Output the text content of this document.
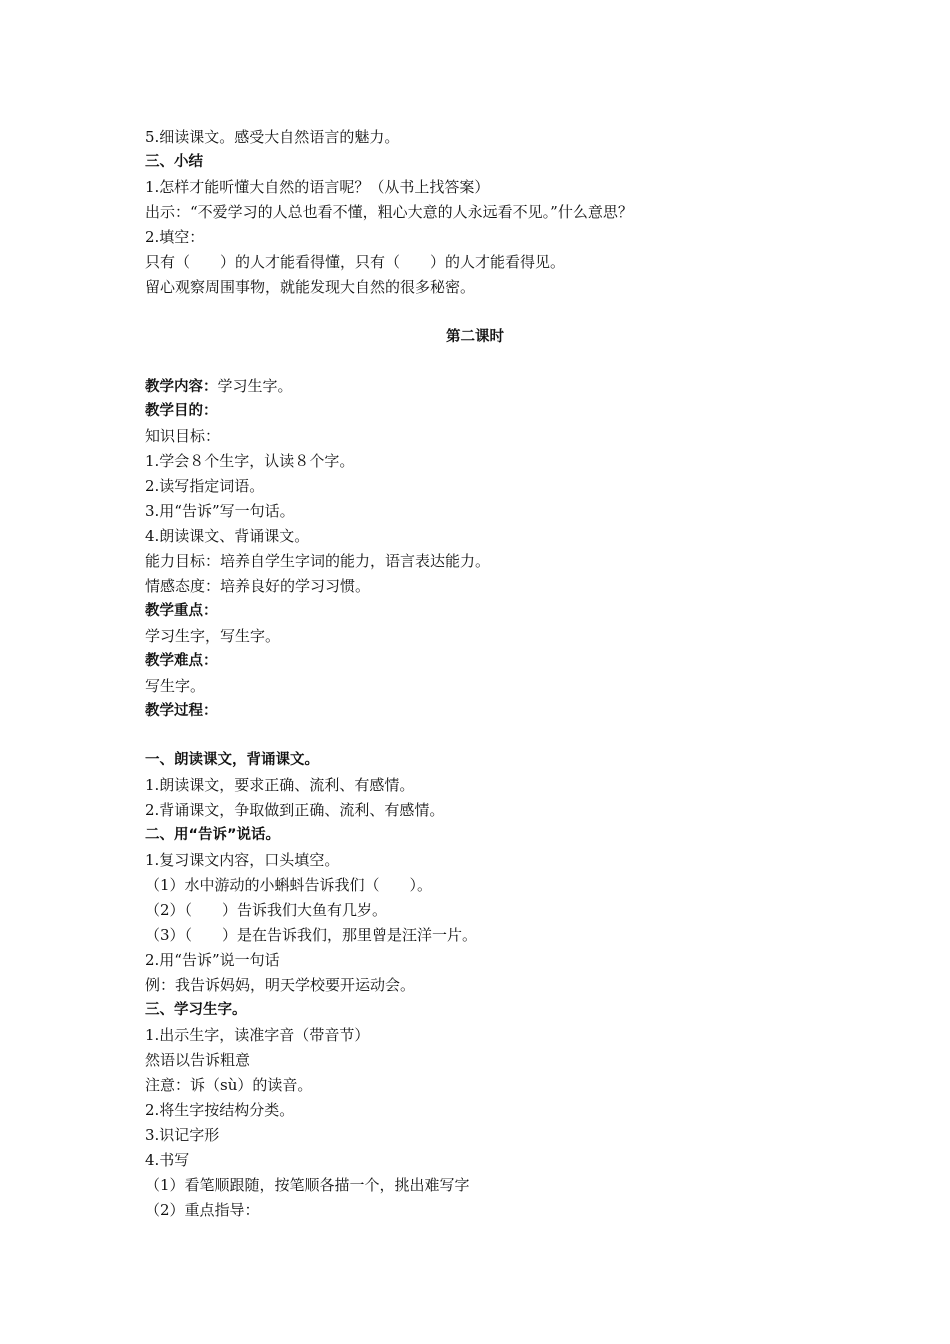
5.细读课文。感受大自然语言的魅力。
三、小结
1.怎样才能听懂大自然的语言呢？（从书上找答案）
出示：“不爱学习的人总也看不懂，粗心大意的人永远看不见。”什么意思？
2.填空：
只有（　　）的人才能看得懂，只有（　　）的人才能看得见。
留心观察周围事物，就能发现大自然的很多秘密。
第二课时
教学内容：学习生字。
教学目的：
知识目标：
1.学会８个生字，认读８个字。
2.读写指定词语。
3.用“告诉”写一句话。
4.朗读课文、背诵课文。
能力目标：培养自学生字词的能力，语言表达能力。
情感态度：培养良好的学习习惯。
教学重点：
学习生字，写生字。
教学难点：
写生字。
教学过程：
一、朗读课文，背诵课文。
1.朗读课文，要求正确、流利、有感情。
2.背诵课文，争取做到正确、流利、有感情。
二、用“告诉”说话。
1.复习课文内容，口头填空。
（1）水中游动的小蝌蚪告诉我们（　　）。
（2）（　　）告诉我们大鱼有几岁。
（3）（　　）是在告诉我们，那里曾是汪洋一片。
2.用“告诉”说一句话
例：我告诉妈妈，明天学校要开运动会。
三、学习生字。
1.出示生字，读准字音（带音节）
然语以告诉粗意
注意：诉（sù）的读音。
2.将生字按结构分类。
3.识记字形
4.书写
（1）看笔顺跟随，按笔顺各描一个，挑出难写字
（2）重点指导：
